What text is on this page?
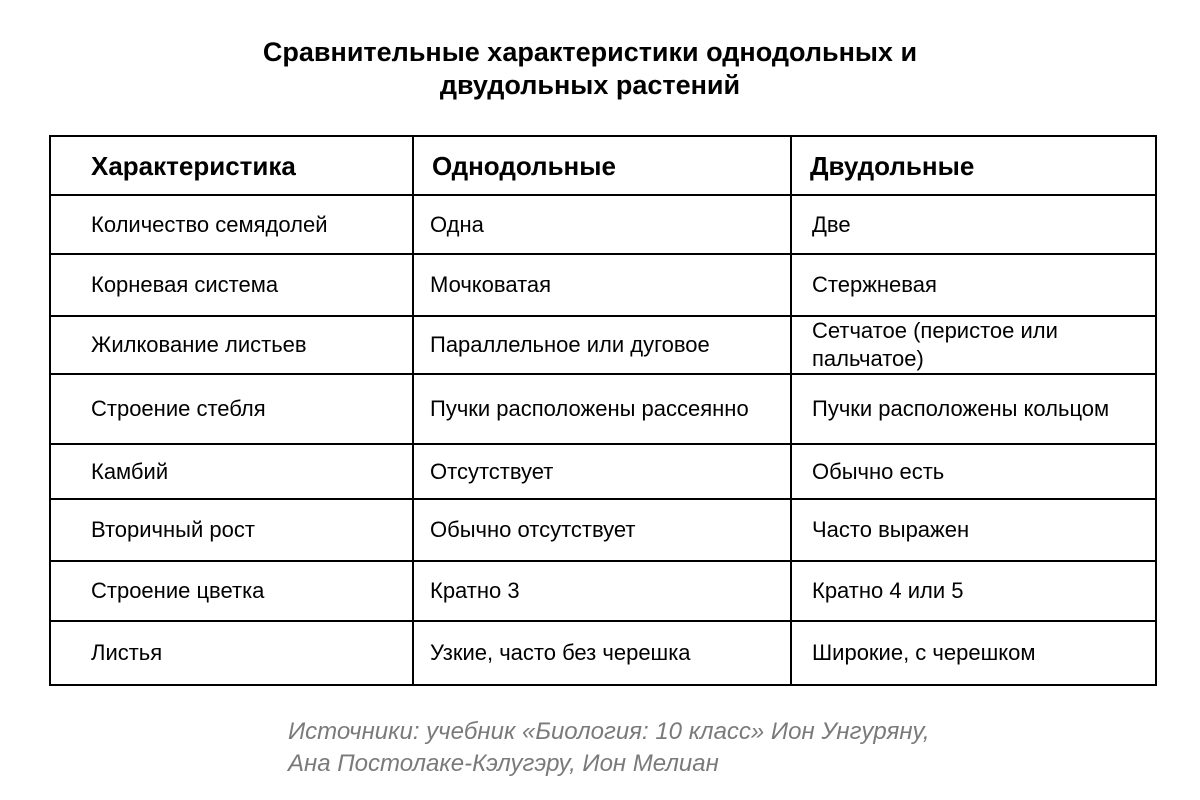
Сравнительные характеристики однодольных и
двудольных растений
Характеристика	Однодольные	Двудольные
Количество семядолей	Одна	Две
Корневая система	Мочковатая	Стержневая
Жилкование листьев	Параллельное или дуговое	Сетчатое (перистое или пальчатое)
Строение стебля	Пучки расположены рассеянно	Пучки расположены кольцом
Камбий	Отсутствует	Обычно есть
Вторичный рост	Обычно отсутствует	Часто выражен
Строение цветка	Кратно 3	Кратно 4 или 5
Листья	Узкие, часто без черешка	Широкие, с черешком
Источники: учебник «Биология: 10 класс» Ион Унгуряну,
Ана Постолаке-Кэлугэру, Ион Мелиан
